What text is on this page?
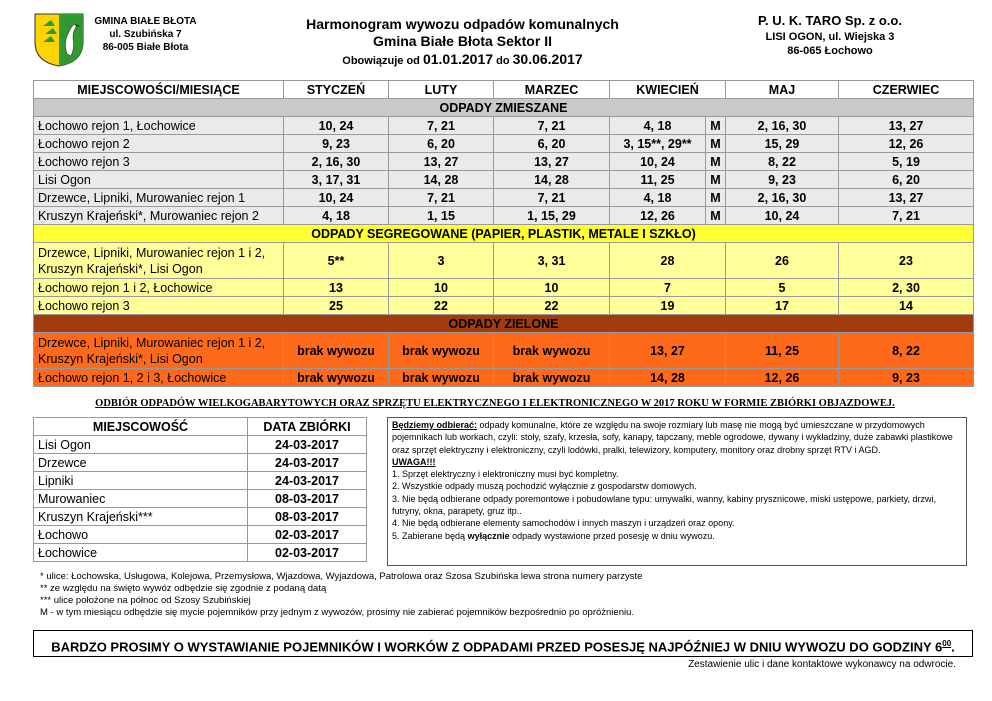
GMINA BIAŁE BŁOTA
ul. Szubińska 7
86-005 Białe Błota
Harmonogram wywozu odpadów komunalnych
Gmina Białe Błota Sektor II
Obowiązuje od 01.01.2017 do 30.06.2017
P. U. K. TARO Sp. z o.o.
LISI OGON, ul. Wiejska 3
86-065 Łochowo
MIEJSCOWOŚCI/MIESIĄCE	STYCZEŃ	LUTY	MARZEC	KWIECIEŃ		MAJ	CZERWIEC
ODPADY ZMIESZANE							
Łochowo rejon 1, Łochowice	10, 24	7, 21	7, 21	4, 18	M	2, 16, 30	13, 27
Łochowo rejon 2	9, 23	6, 20	6, 20	3, 15**, 29**	M	15, 29	12, 26
Łochowo rejon 3	2, 16, 30	13, 27	13, 27	10, 24	M	8, 22	5, 19
Lisi Ogon	3, 17, 31	14, 28	14, 28	11, 25	M	9, 23	6, 20
Drzewce, Lipniki, Murowaniec rejon 1	10, 24	7, 21	7, 21	4, 18	M	2, 16, 30	13, 27
Kruszyn Krajeński*, Murowaniec rejon 2	4, 18	1, 15	1, 15, 29	12, 26	M	10, 24	7, 21
ODPADY SEGREGOWANE (PAPIER, PLASTIK, METALE I SZKŁO)							
Drzewce, Lipniki, Murowaniec rejon 1 i 2, Kruszyn Krajeński*, Lisi Ogon	5**	3	3, 31	28		26	23
Łochowo rejon 1 i 2, Łochowice	13	10	10	7		5	2, 30
Łochowo rejon 3	25	22	22	19		17	14
ODPADY ZIELONE							
Drzewce, Lipniki, Murowaniec rejon 1 i 2, Kruszyn Krajeński*, Lisi Ogon	brak wywozu	brak wywozu	brak wywozu	13, 27		11, 25	8, 22
Łochowo rejon 1, 2 i 3, Łochowice	brak wywozu	brak wywozu	brak wywozu	14, 28		12, 26	9, 23
ODBIÓR ODPADÓW WIELKOGABARYTOWYCH ORAZ SPRZĘTU ELEKTRYCZNEGO I ELEKTRONICZNEGO W 2017 ROKU W FORMIE ZBIÓRKI OBJAZDOWEJ.
MIEJSCOWOŚĆ	DATA ZBIÓRKI
Lisi Ogon	24-03-2017
Drzewce	24-03-2017
Lipniki	24-03-2017
Murowaniec	08-03-2017
Kruszyn Krajeński***	08-03-2017
Łochowo	02-03-2017
Łochowice	02-03-2017
Będziemy odbierać: odpady komunalne, które ze względu na swoje rozmiary lub masę nie mogą być umieszczane w przydomowych pojemnikach lub workach, czyli: stoły, szafy, krzesła, sofy, kanapy, tapczany, meble ogrodowe, dywany i wykładziny, duże zabawki plastikowe oraz sprzęt elektryczny i elektroniczny, czyli lodówki, pralki, telewizory, komputery, monitory oraz drobny sprzęt RTV i AGD.
UWAGA!!!
1. Sprzęt elektryczny i elektroniczny musi być kompletny.
2. Wszystkie odpady muszą pochodzić wyłącznie z gospodarstw domowych.
3. Nie będą odbierane odpady poremontowe i pobudowlane typu: umywalki, wanny, kabiny prysznicowe, miski ustępowe, parkiety, drzwi, futryny, okna, parapety, gruz itp..
4. Nie będą odbierane elementy samochodów i innych maszyn i urządzeń oraz opony.
5. Zabierane będą wyłącznie odpady wystawione przed posesję w dniu wywozu.
* ulice: Łochowska, Usługowa, Kolejowa, Przemysłowa, Wjazdowa, Wyjazdowa, Patrolowa oraz Szosa Szubińska lewa strona numery parzyste
** ze względu na święto wywóz odbędzie się zgodnie z podaną datą
*** ulice położone na północ od Szosy Szubińskiej
M - w tym miesiącu odbędzie się mycie pojemników przy jednym z wywozów, prosimy nie zabierać pojemników bezpośrednio po opróżnieniu.
BARDZO PROSIMY O WYSTAWIANIE POJEMNIKÓW I WORKÓW Z ODPADAMI PRZED POSESJĘ NAJPÓŹNIEJ W DNIU WYWOZU DO GODZINY $6^{00}$.
Zestawienie ulic i dane kontaktowe wykonawcy na odwrocie.
